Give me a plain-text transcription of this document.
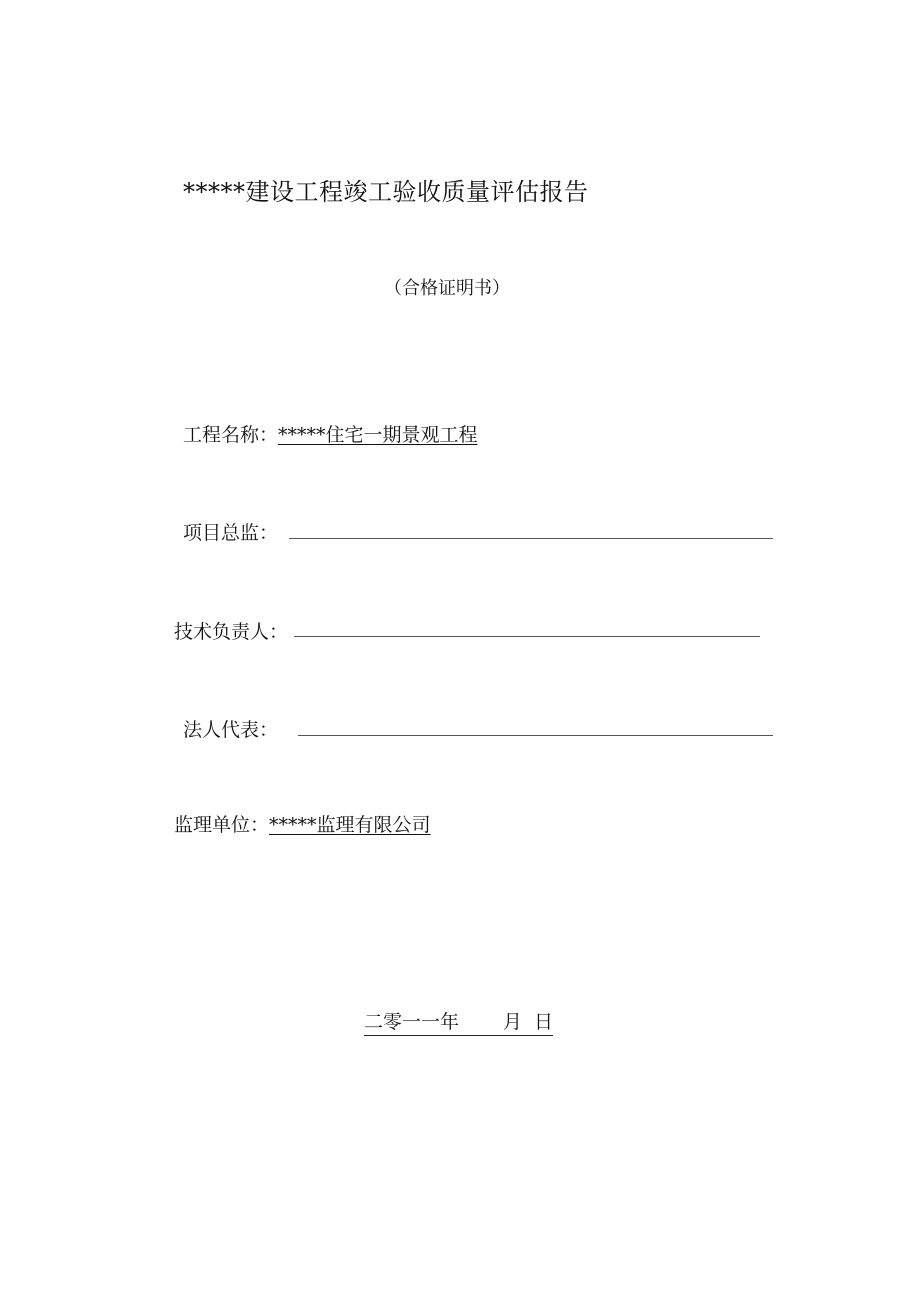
*****建设工程竣工验收质量评估报告
（合格证明书）
工程名称：*****住宅一期景观工程
项目总监：
技术负责人：
法人代表：
监理单位：*****监理有限公司
二零一一年 月 日
